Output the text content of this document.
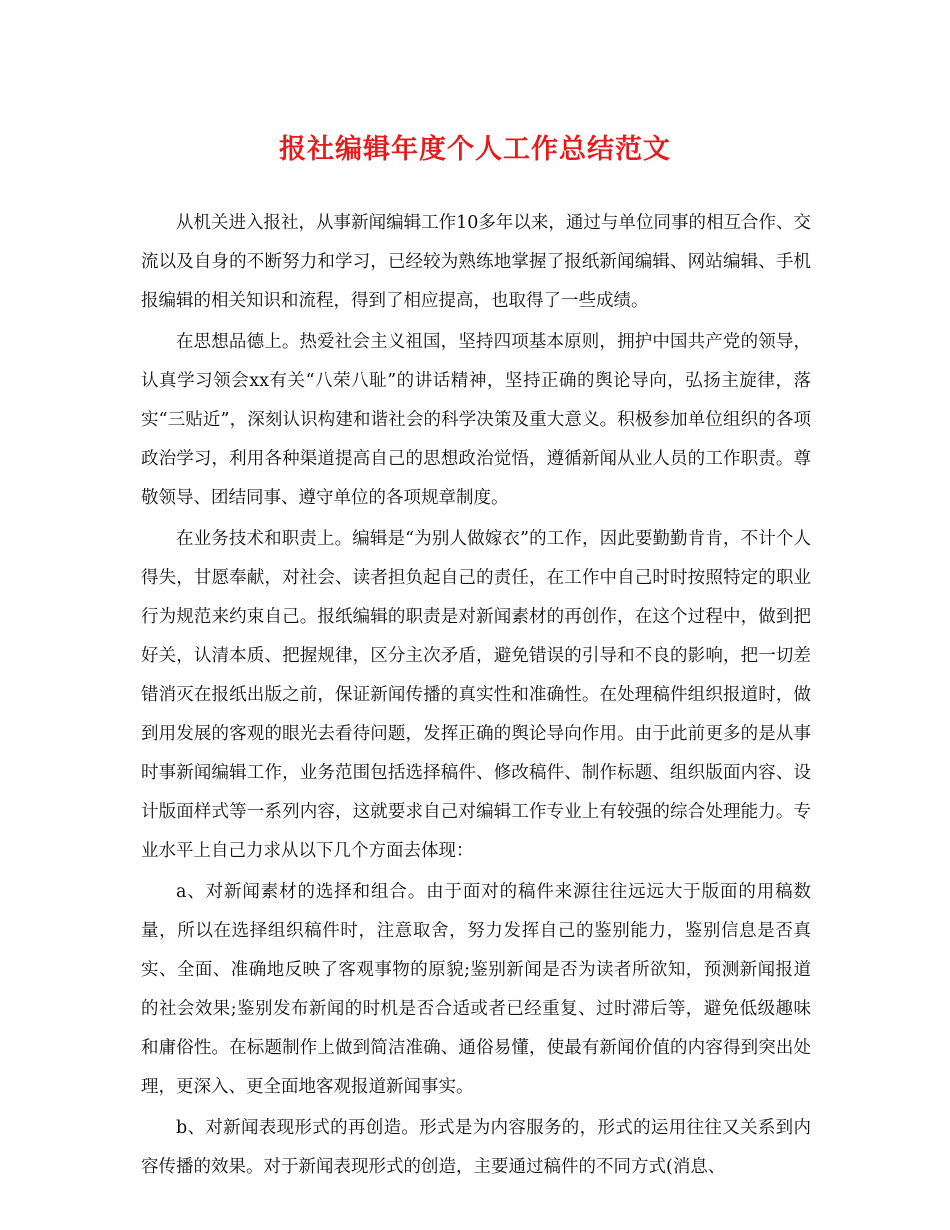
报社编辑年度个人工作总结范文

从机关进入报社，从事新闻编辑工作10多年以来，通过与单位同事的相互合作、交流以及自身的不断努力和学习，已经较为熟练地掌握了报纸新闻编辑、网站编辑、手机报编辑的相关知识和流程，得到了相应提高，也取得了一些成绩。

在思想品德上。热爱社会主义祖国，坚持四项基本原则，拥护中国共产党的领导，认真学习领会xx有关“八荣八耻”的讲话精神，坚持正确的舆论导向，弘扬主旋律，落实“三贴近”，深刻认识构建和谐社会的科学决策及重大意义。积极参加单位组织的各项政治学习，利用各种渠道提高自己的思想政治觉悟，遵循新闻从业人员的工作职责。尊敬领导、团结同事、遵守单位的各项规章制度。

在业务技术和职责上。编辑是“为别人做嫁衣”的工作，因此要勤勤肯肯，不计个人得失，甘愿奉献，对社会、读者担负起自己的责任，在工作中自己时时按照特定的职业行为规范来约束自己。报纸编辑的职责是对新闻素材的再创作，在这个过程中，做到把好关，认清本质、把握规律，区分主次矛盾，避免错误的引导和不良的影响，把一切差错消灭在报纸出版之前，保证新闻传播的真实性和准确性。在处理稿件组织报道时，做到用发展的客观的眼光去看待问题，发挥正确的舆论导向作用。由于此前更多的是从事时事新闻编辑工作，业务范围包括选择稿件、修改稿件、制作标题、组织版面内容、设计版面样式等一系列内容，这就要求自己对编辑工作专业上有较强的综合处理能力。专业水平上自己力求从以下几个方面去体现：

a、对新闻素材的选择和组合。由于面对的稿件来源往往远远大于版面的用稿数量，所以在选择组织稿件时，注意取舍，努力发挥自己的鉴别能力，鉴别信息是否真实、全面、准确地反映了客观事物的原貌;鉴别新闻是否为读者所欲知，预测新闻报道的社会效果;鉴别发布新闻的时机是否合适或者已经重复、过时滞后等，避免低级趣味和庸俗性。在标题制作上做到简洁准确、通俗易懂，使最有新闻价值的内容得到突出处理，更深入、更全面地客观报道新闻事实。

b、对新闻表现形式的再创造。形式是为内容服务的，形式的运用往往又关系到内容传播的效果。对于新闻表现形式的创造，主要通过稿件的不同方式(消息、
